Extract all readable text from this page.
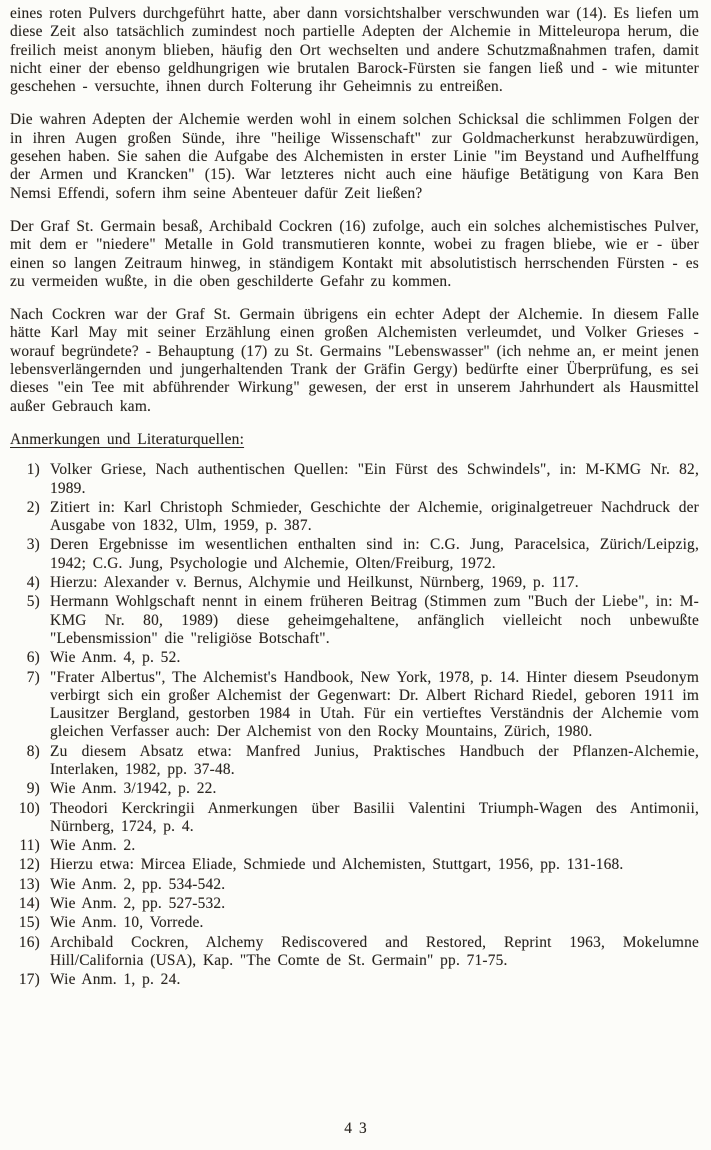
eines roten Pulvers durchgeführt hatte, aber dann vorsichtshalber verschwunden war (14). Es liefen um diese Zeit also tatsächlich zumindest noch partielle Adepten der Alchemie in Mitteleuropa herum, die freilich meist anonym blieben, häufig den Ort wechselten und andere Schutzmaßnahmen trafen, damit nicht einer der ebenso geldhungrigen wie brutalen Barock-Fürsten sie fangen ließ und - wie mitunter geschehen - versuchte, ihnen durch Folterung ihr Geheimnis zu entreißen.

Die wahren Adepten der Alchemie werden wohl in einem solchen Schicksal die schlimmen Folgen der in ihren Augen großen Sünde, ihre "heilige Wissenschaft" zur Goldmacherkunst herabzuwürdigen, gesehen haben. Sie sahen die Aufgabe des Alchemisten in erster Linie "im Beystand und Aufhelffung der Armen und Krancken" (15). War letzteres nicht auch eine häufige Betätigung von Kara Ben Nemsi Effendi, sofern ihm seine Abenteuer dafür Zeit ließen?

Der Graf St. Germain besaß, Archibald Cockren (16) zufolge, auch ein solches alchemistisches Pulver, mit dem er "niedere" Metalle in Gold transmutieren konnte, wobei zu fragen bliebe, wie er - über einen so langen Zeitraum hinweg, in ständigem Kontakt mit absolutistisch herrschenden Fürsten - es zu vermeiden wußte, in die oben geschilderte Gefahr zu kommen.

Nach Cockren war der Graf St. Germain übrigens ein echter Adept der Alchemie. In diesem Falle hätte Karl May mit seiner Erzählung einen großen Alchemisten verleumdet, und Volker Grieses - worauf begründete? - Behauptung (17) zu St. Germains "Lebenswasser" (ich nehme an, er meint jenen lebensverlängernden und jungerhaltenden Trank der Gräfin Gergy) bedürfte einer Überprüfung, es sei dieses "ein Tee mit abführender Wirkung" gewesen, der erst in unserem Jahrhundert als Hausmittel außer Gebrauch kam.

Anmerkungen und Literaturquellen:
1) Volker Griese, Nach authentischen Quellen: "Ein Fürst des Schwindels", in: M-KMG Nr. 82, 1989.
2) Zitiert in: Karl Christoph Schmieder, Geschichte der Alchemie, originalgetreuer Nachdruck der Ausgabe von 1832, Ulm, 1959, p. 387.
3) Deren Ergebnisse im wesentlichen enthalten sind in: C.G. Jung, Paracelsica, Zürich/Leipzig, 1942; C.G. Jung, Psychologie und Alchemie, Olten/Freiburg, 1972.
4) Hierzu: Alexander v. Bernus, Alchymie und Heilkunst, Nürnberg, 1969, p. 117.
5) Hermann Wohlgschaft nennt in einem früheren Beitrag (Stimmen zum "Buch der Liebe", in: M-KMG Nr. 80, 1989) diese geheimgehaltene, anfänglich vielleicht noch unbewußte "Lebensmission" die "religiöse Botschaft".
6) Wie Anm. 4, p. 52.
7) "Frater Albertus", The Alchemist's Handbook, New York, 1978, p. 14. Hinter diesem Pseudonym verbirgt sich ein großer Alchemist der Gegenwart: Dr. Albert Richard Riedel, geboren 1911 im Lausitzer Bergland, gestorben 1984 in Utah. Für ein vertieftes Verständnis der Alchemie vom gleichen Verfasser auch: Der Alchemist von den Rocky Mountains, Zürich, 1980.
8) Zu diesem Absatz etwa: Manfred Junius, Praktisches Handbuch der Pflanzen-Alchemie, Interlaken, 1982, pp. 37-48.
9) Wie Anm. 3/1942, p. 22.
10) Theodori Kerckringii Anmerkungen über Basilii Valentini Triumph-Wagen des Antimonii, Nürnberg, 1724, p. 4.
11) Wie Anm. 2.
12) Hierzu etwa: Mircea Eliade, Schmiede und Alchemisten, Stuttgart, 1956, pp. 131-168.
13) Wie Anm. 2, pp. 534-542.
14) Wie Anm. 2, pp. 527-532.
15) Wie Anm. 10, Vorrede.
16) Archibald Cockren, Alchemy Rediscovered and Restored, Reprint 1963, Mokelumne Hill/California (USA), Kap. "The Comte de St. Germain" pp. 71-75.
17) Wie Anm. 1, p. 24.
43
